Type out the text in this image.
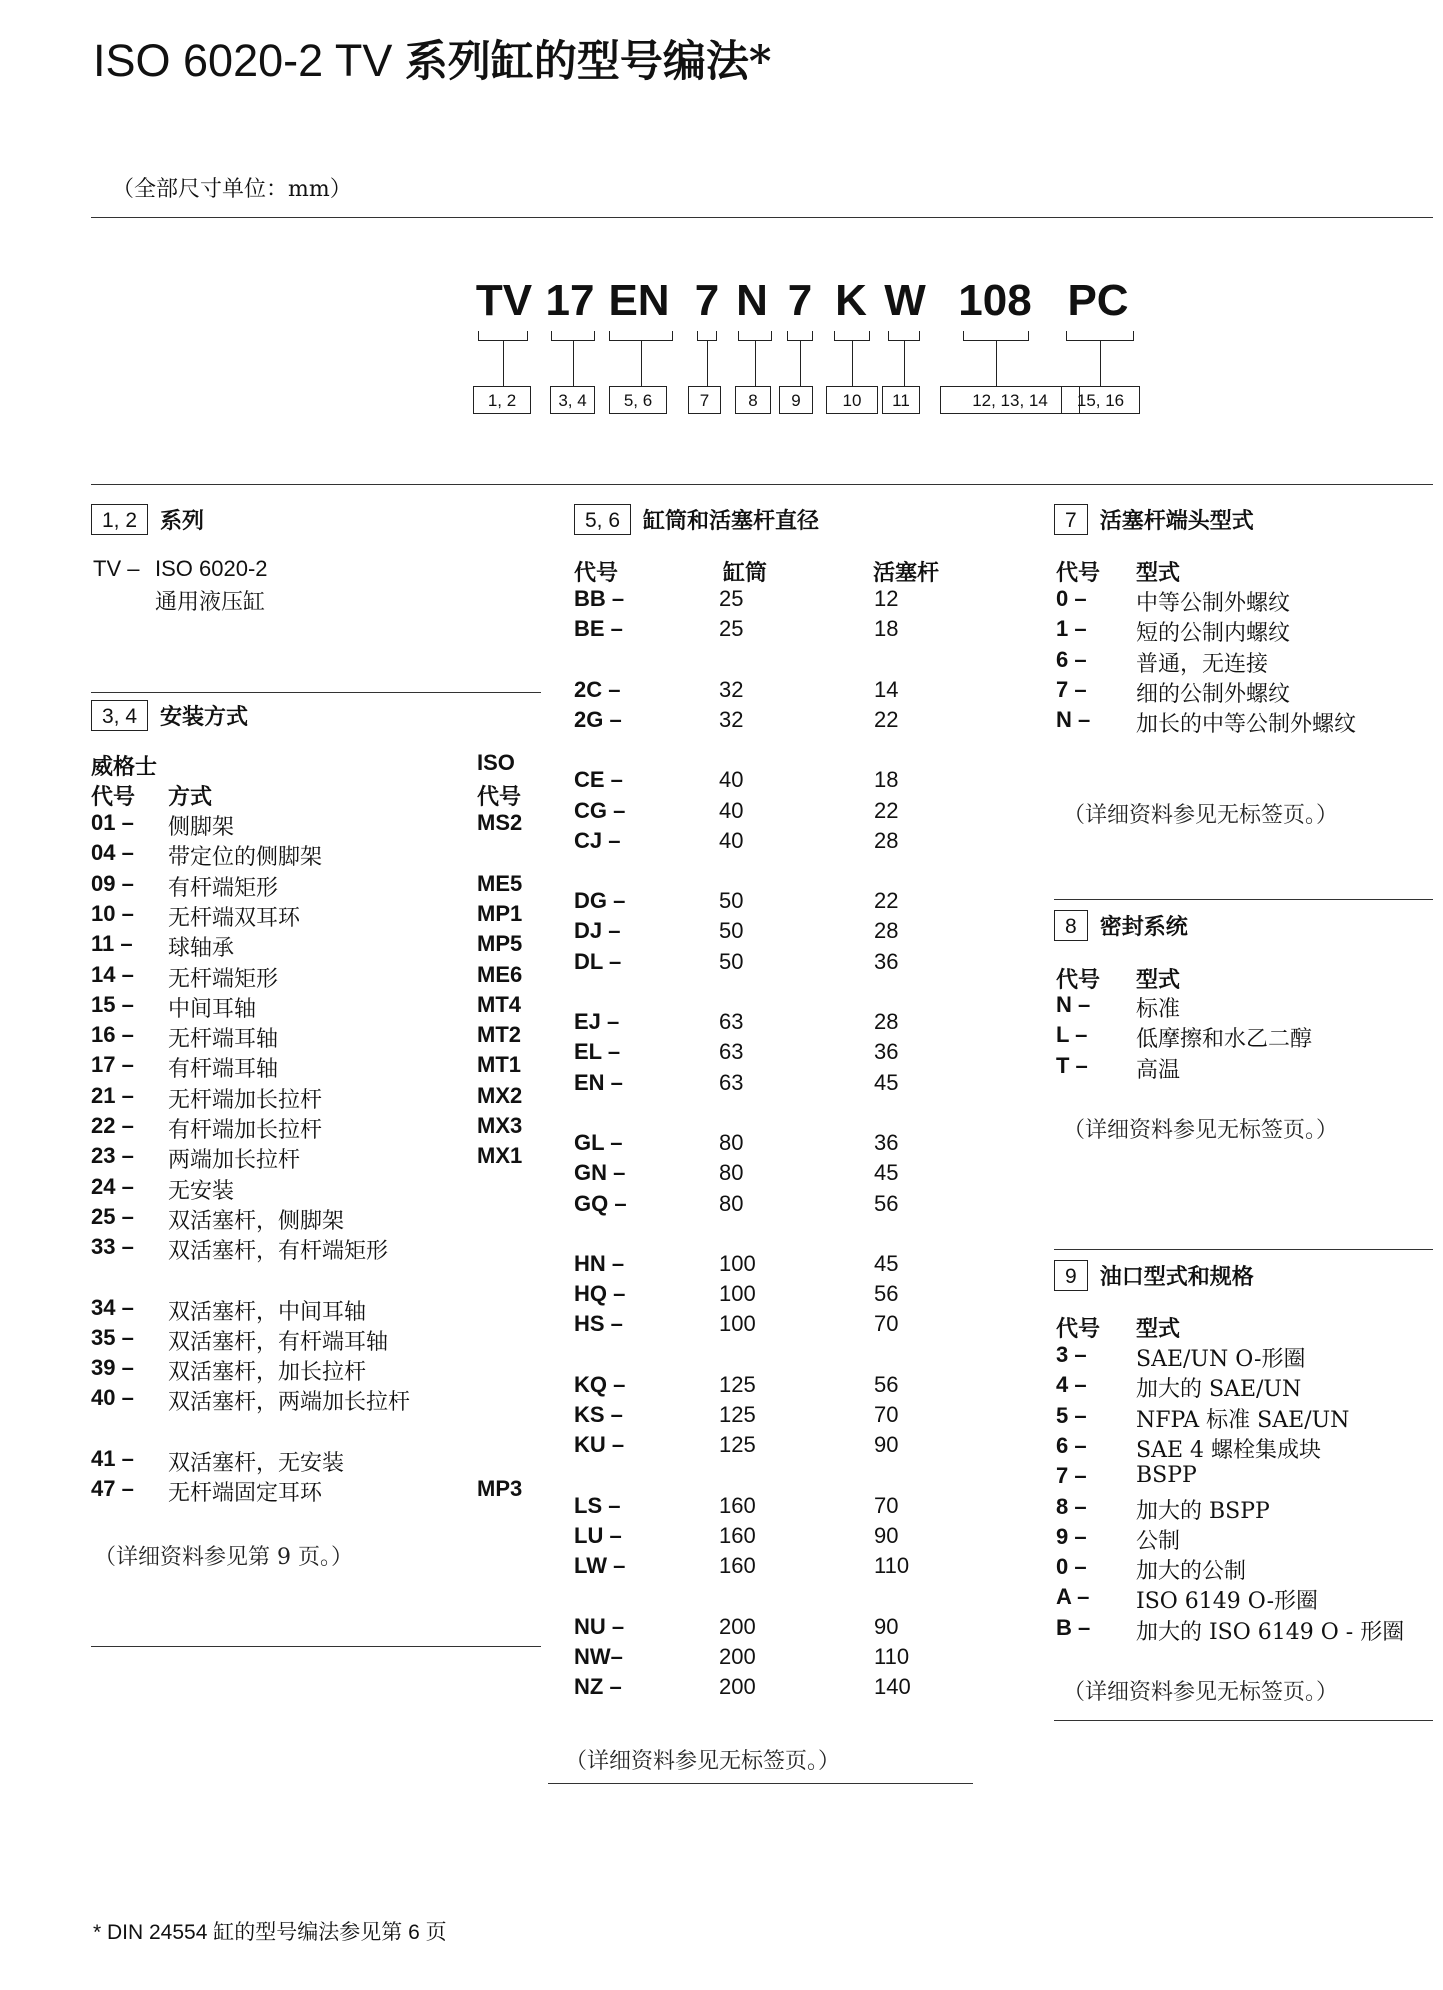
ISO 6020-2 TV 系列缸的型号编法*
（全部尺寸单位：mm）
TV
1, 2
17
3, 4
EN
5, 6
7
7
N
8
7
9
K
10
W
11
108
12, 13, 14
PC
15, 16
1, 2 系列
TV – ISO 6020-2
通用液压缸
3, 4 安装方式
威格士	ISO
代号 方式	代号
01 – 侧脚架	MS2
04 – 带定位的侧脚架
09 – 有杆端矩形	ME5
10 – 无杆端双耳环	MP1
11 – 球轴承	MP5
14 – 无杆端矩形	ME6
15 – 中间耳轴	MT4
16 – 无杆端耳轴	MT2
17 – 有杆端耳轴	MT1
21 – 无杆端加长拉杆	MX2
22 – 有杆端加长拉杆	MX3
23 – 两端加长拉杆	MX1
24 – 无安装
25 – 双活塞杆，侧脚架
33 – 双活塞杆，有杆端矩形
34 – 双活塞杆，中间耳轴
35 – 双活塞杆，有杆端耳轴
39 – 双活塞杆，加长拉杆
40 – 双活塞杆，两端加长拉杆
41 – 双活塞杆，无安装
47 – 无杆端固定耳环	MP3
（详细资料参见第 9 页。）
5, 6 缸筒和活塞杆直径
代号	缸筒	活塞杆
BB –	25	12
BE –	25	18
2C –	32	14
2G –	32	22
CE –	40	18
CG –	40	22
CJ –	40	28
DG –	50	22
DJ –	50	28
DL –	50	36
EJ –	63	28
EL –	63	36
EN –	63	45
GL –	80	36
GN –	80	45
GQ –	80	56
HN –	100	45
HQ –	100	56
HS –	100	70
KQ –	125	56
KS –	125	70
KU –	125	90
LS –	160	70
LU –	160	90
LW –	160	110
NU –	200	90
NW–	200	110
NZ –	200	140
（详细资料参见无标签页。）
7 活塞杆端头型式
代号 型式
0 – 中等公制外螺纹
1 – 短的公制内螺纹
6 – 普通，无连接
7 – 细的公制外螺纹
N – 加长的中等公制外螺纹
（详细资料参见无标签页。）
8 密封系统
代号 型式
N – 标准
L – 低摩擦和水乙二醇
T – 高温
（详细资料参见无标签页。）
9 油口型式和规格
代号 型式
3 – SAE/UN O-形圈
4 – 加大的 SAE/UN
5 – NFPA 标准 SAE/UN
6 – SAE 4 螺栓集成块
7 – BSPP
8 – 加大的 BSPP
9 – 公制
0 – 加大的公制
A – ISO 6149 O-形圈
B – 加大的 ISO 6149 O - 形圈
（详细资料参见无标签页。）
* DIN 24554 缸的型号编法参见第 6 页
